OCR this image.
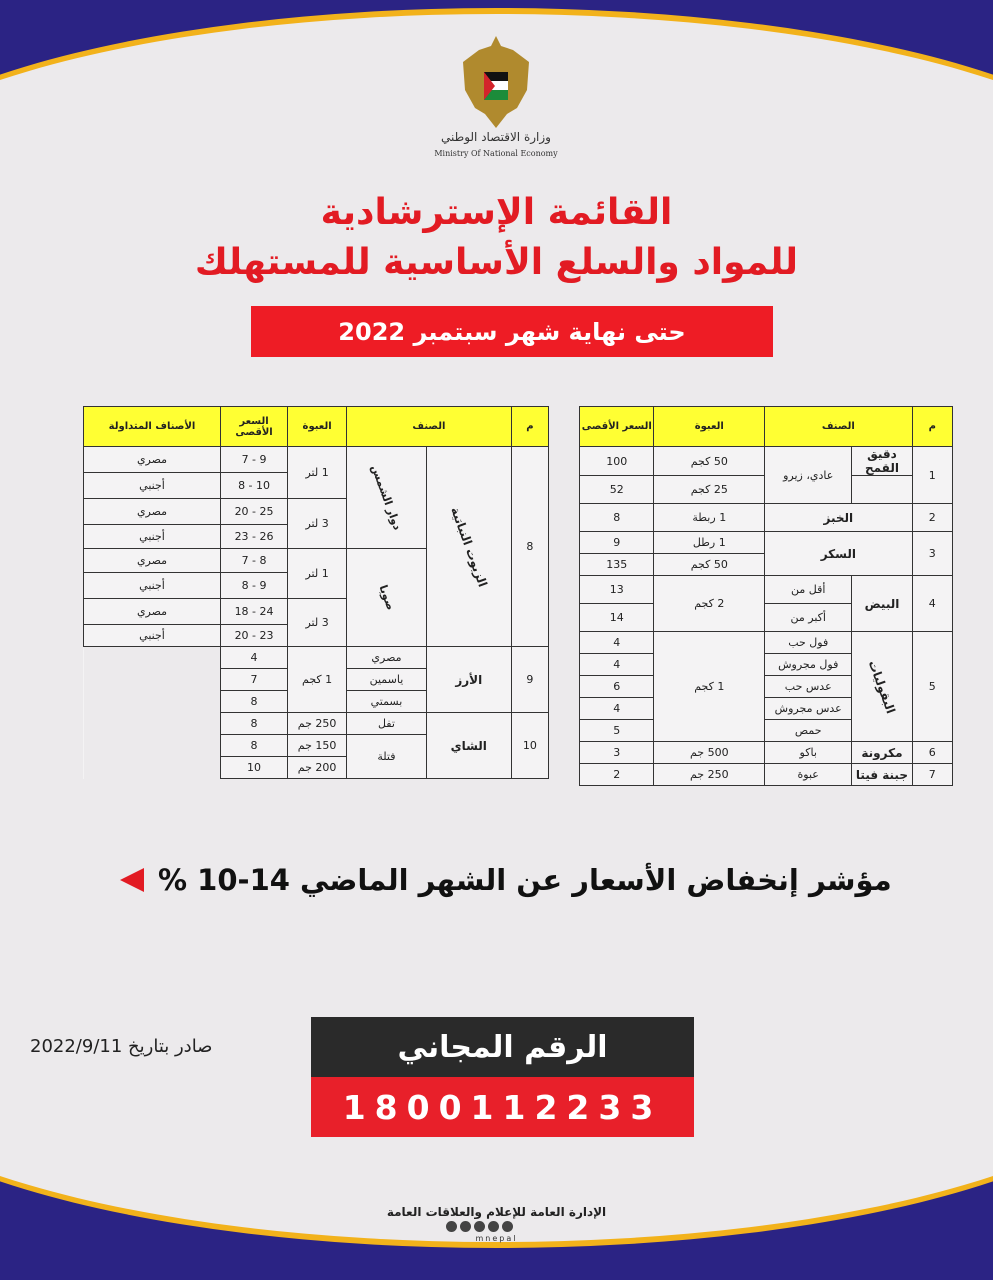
وزارة الاقتصاد الوطني
Ministry Of National Economy
القائمة الإسترشادية
للمواد والسلع الأساسية للمستهلك
حتى نهاية شهر سبتمبر 2022
م	الصنف		العبوة	السعر الأقصى
1	دقيق القمح	عادي، زيرو	50 كجم	100
			25 كجم	52
2	الخبز		1 ربطة	8
3	السكر		1 رطل	9
			50 كجم	135
4	البيض	أقل من	2 كجم	13
		أكبر من		14
5	البقوليات	فول حب	1 كجم	4
		فول مجروش		4
		عدس حب		6
		عدس مجروش		4
		حمص		5
6	مكرونة	باكو	500 جم	3
7	جبنة فيتا	عبوة	250 جم	2
م	الصنف		العبوة	السعر الأقصى	الأصناف المتداولة
8	الزيوت النباتية	دوار الشمس	1 لتر	9 - 7	مصري
				10 - 8	أجنبي
			3 لتر	25 - 20	مصري
				26 - 23	أجنبي
		صويا	1 لتر	8 - 7	مصري
				9 - 8	أجنبي
			3 لتر	24 - 18	مصري
				23 - 20	أجنبي
9	الأرز	مصري	1 كجم	4	
		ياسمين		7	
		بسمتي		8	
10	الشاي	تفل	250 جم	8	
		فتلة	150 جم	8	
			200 جم	10	
مؤشر إنخفاض الأسعار عن الشهر الماضي 14-10 %
صادر بتاريخ 2022/9/11	الرقم المجاني
1800112233
الإدارة العامة للإعلام والعلاقات العامة
mnepal
